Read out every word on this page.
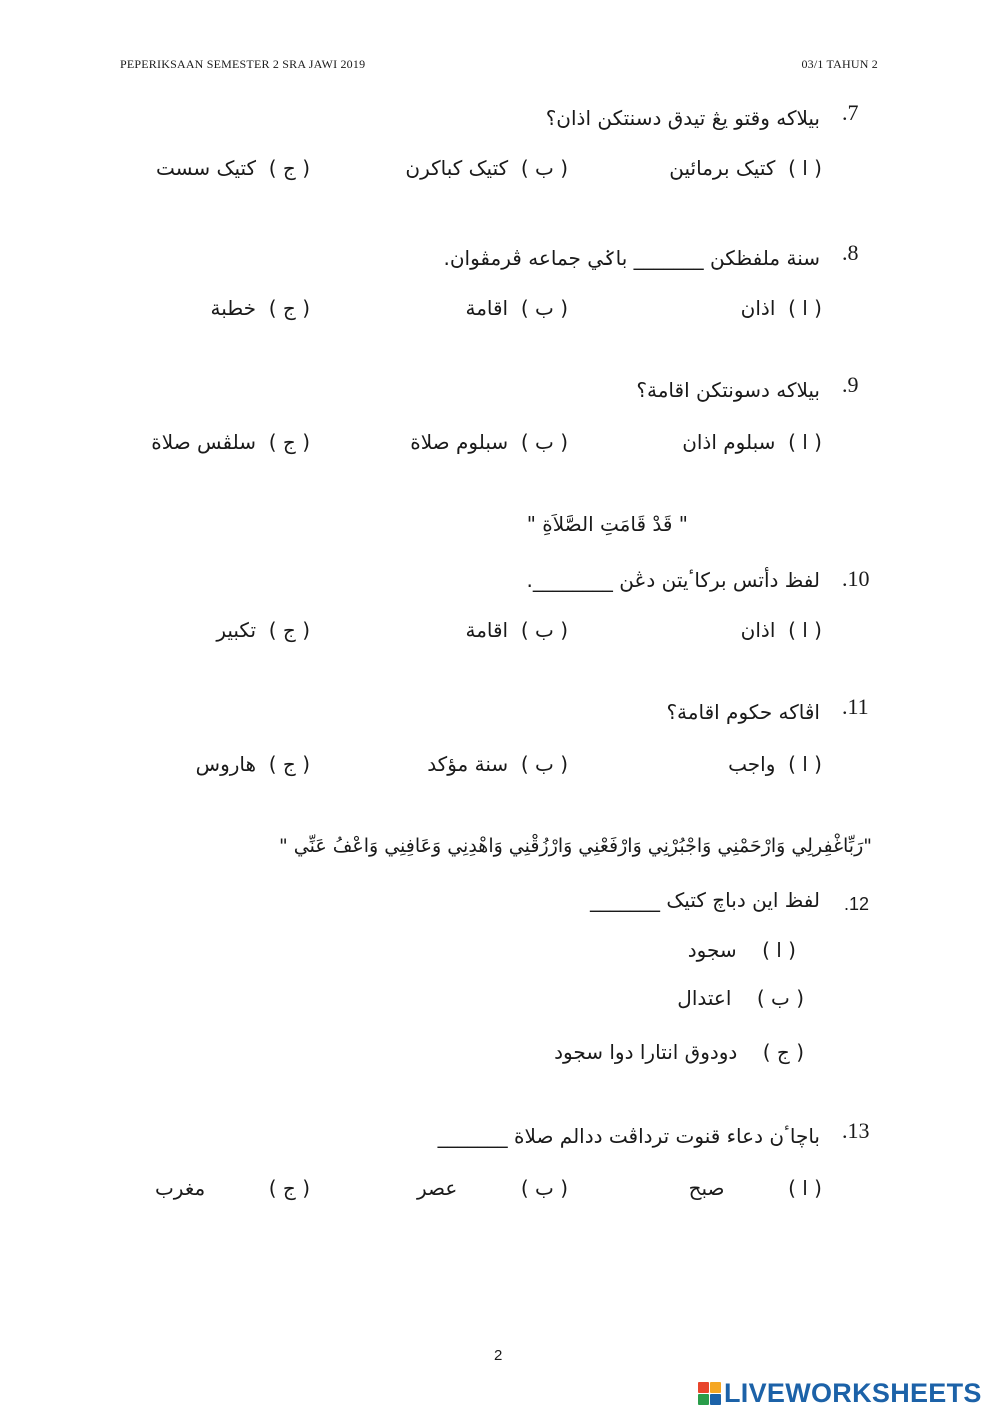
PEPERIKSAAN SEMESTER 2 SRA JAWI 2019	03/1 TAHUN 2
.7
بيلاکه وقتو يڠ تيدق دسنتکن اذان؟
( ا )  کتيک برمائين
( ب )  کتيک کباکرن
( ج )  کتيک سست
.8
سنة ملفظکن _______ باݢي جماعه ڤرمڤوان.
( ا )  اذان
( ب )  اقامة
( ج )  خطبة
.9
بيلاکه دسونتکن اقامة؟
( ا )  سبلوم اذان
( ب )  سبلوم صلاة
( ج )  سلڤس صلاة
" قَدْ قَامَتِ الصَّلاَةِ "
.10
لفظ دأتس برکاٴيتن دڠن ________.
( ا )  اذان
( ب )  اقامة
( ج )  تکبير
.11
اڤاکه حکوم اقامة؟
( ا )  واجب
( ب )  سنة مؤکد
( ج )  هاروس
"رَبِّاغْفِرلِي وَارْحَمْنِي وَاجْبُرْنِي وَارْفَعْنِي وَارْزُقْنِي وَاهْدِنِي وَعَافِنِي وَاعْفُ عَنِّي "
.12
لفظ اين دباچ کتيک _______
( ا )    سجود
( ب )    اعتدال
( ج )    دودوق انتارا دوا سجود
.13
باچاٴن دعاء قنوت ترداڤت ددالم صلاة _______
( ا )          صبح
( ب )          عصر
( ج )          مغرب
2
LIVEWORKSHEETS
